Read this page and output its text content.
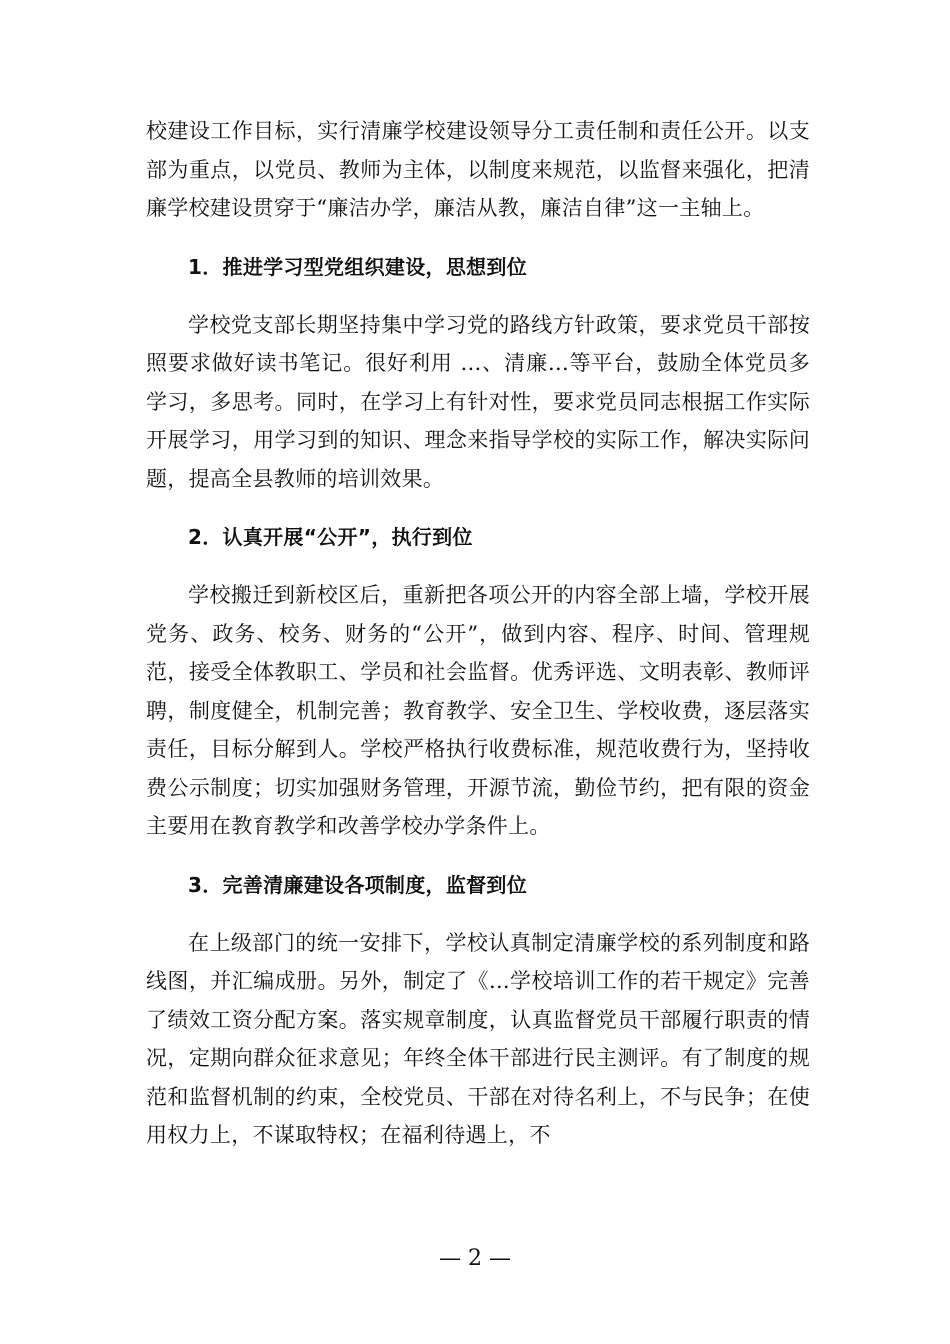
校建设工作目标，实行清廉学校建设领导分工责任制和责任公开。以支部为重点，以党员、教师为主体，以制度来规范，以监督来强化，把清廉学校建设贯穿于“廉洁办学，廉洁从教，廉洁自律”这一主轴上。

1．推进学习型党组织建设，思想到位

学校党支部长期坚持集中学习党的路线方针政策，要求党员干部按照要求做好读书笔记。很好利用 …、清廉...等平台，鼓励全体党员多学习，多思考。同时，在学习上有针对性，要求党员同志根据工作实际开展学习，用学习到的知识、理念来指导学校的实际工作，解决实际问题，提高全县教师的培训效果。

2．认真开展“公开”，执行到位

学校搬迁到新校区后，重新把各项公开的内容全部上墙，学校开展党务、政务、校务、财务的“公开”，做到内容、程序、时间、管理规范，接受全体教职工、学员和社会监督。优秀评选、文明表彰、教师评聘，制度健全，机制完善；教育教学、安全卫生、学校收费，逐层落实责任，目标分解到人。学校严格执行收费标准，规范收费行为，坚持收费公示制度；切实加强财务管理，开源节流，勤俭节约，把有限的资金主要用在教育教学和改善学校办学条件上。

3．完善清廉建设各项制度，监督到位

在上级部门的统一安排下，学校认真制定清廉学校的系列制度和路线图，并汇编成册。另外，制定了《...学校培训工作的若干规定》完善了绩效工资分配方案。落实规章制度，认真监督党员干部履行职责的情况，定期向群众征求意见；年终全体干部进行民主测评。有了制度的规范和监督机制的约束，全校党员、干部在对待名利上，不与民争；在使用权力上，不谋取特权；在福利待遇上，不

— 2 —
